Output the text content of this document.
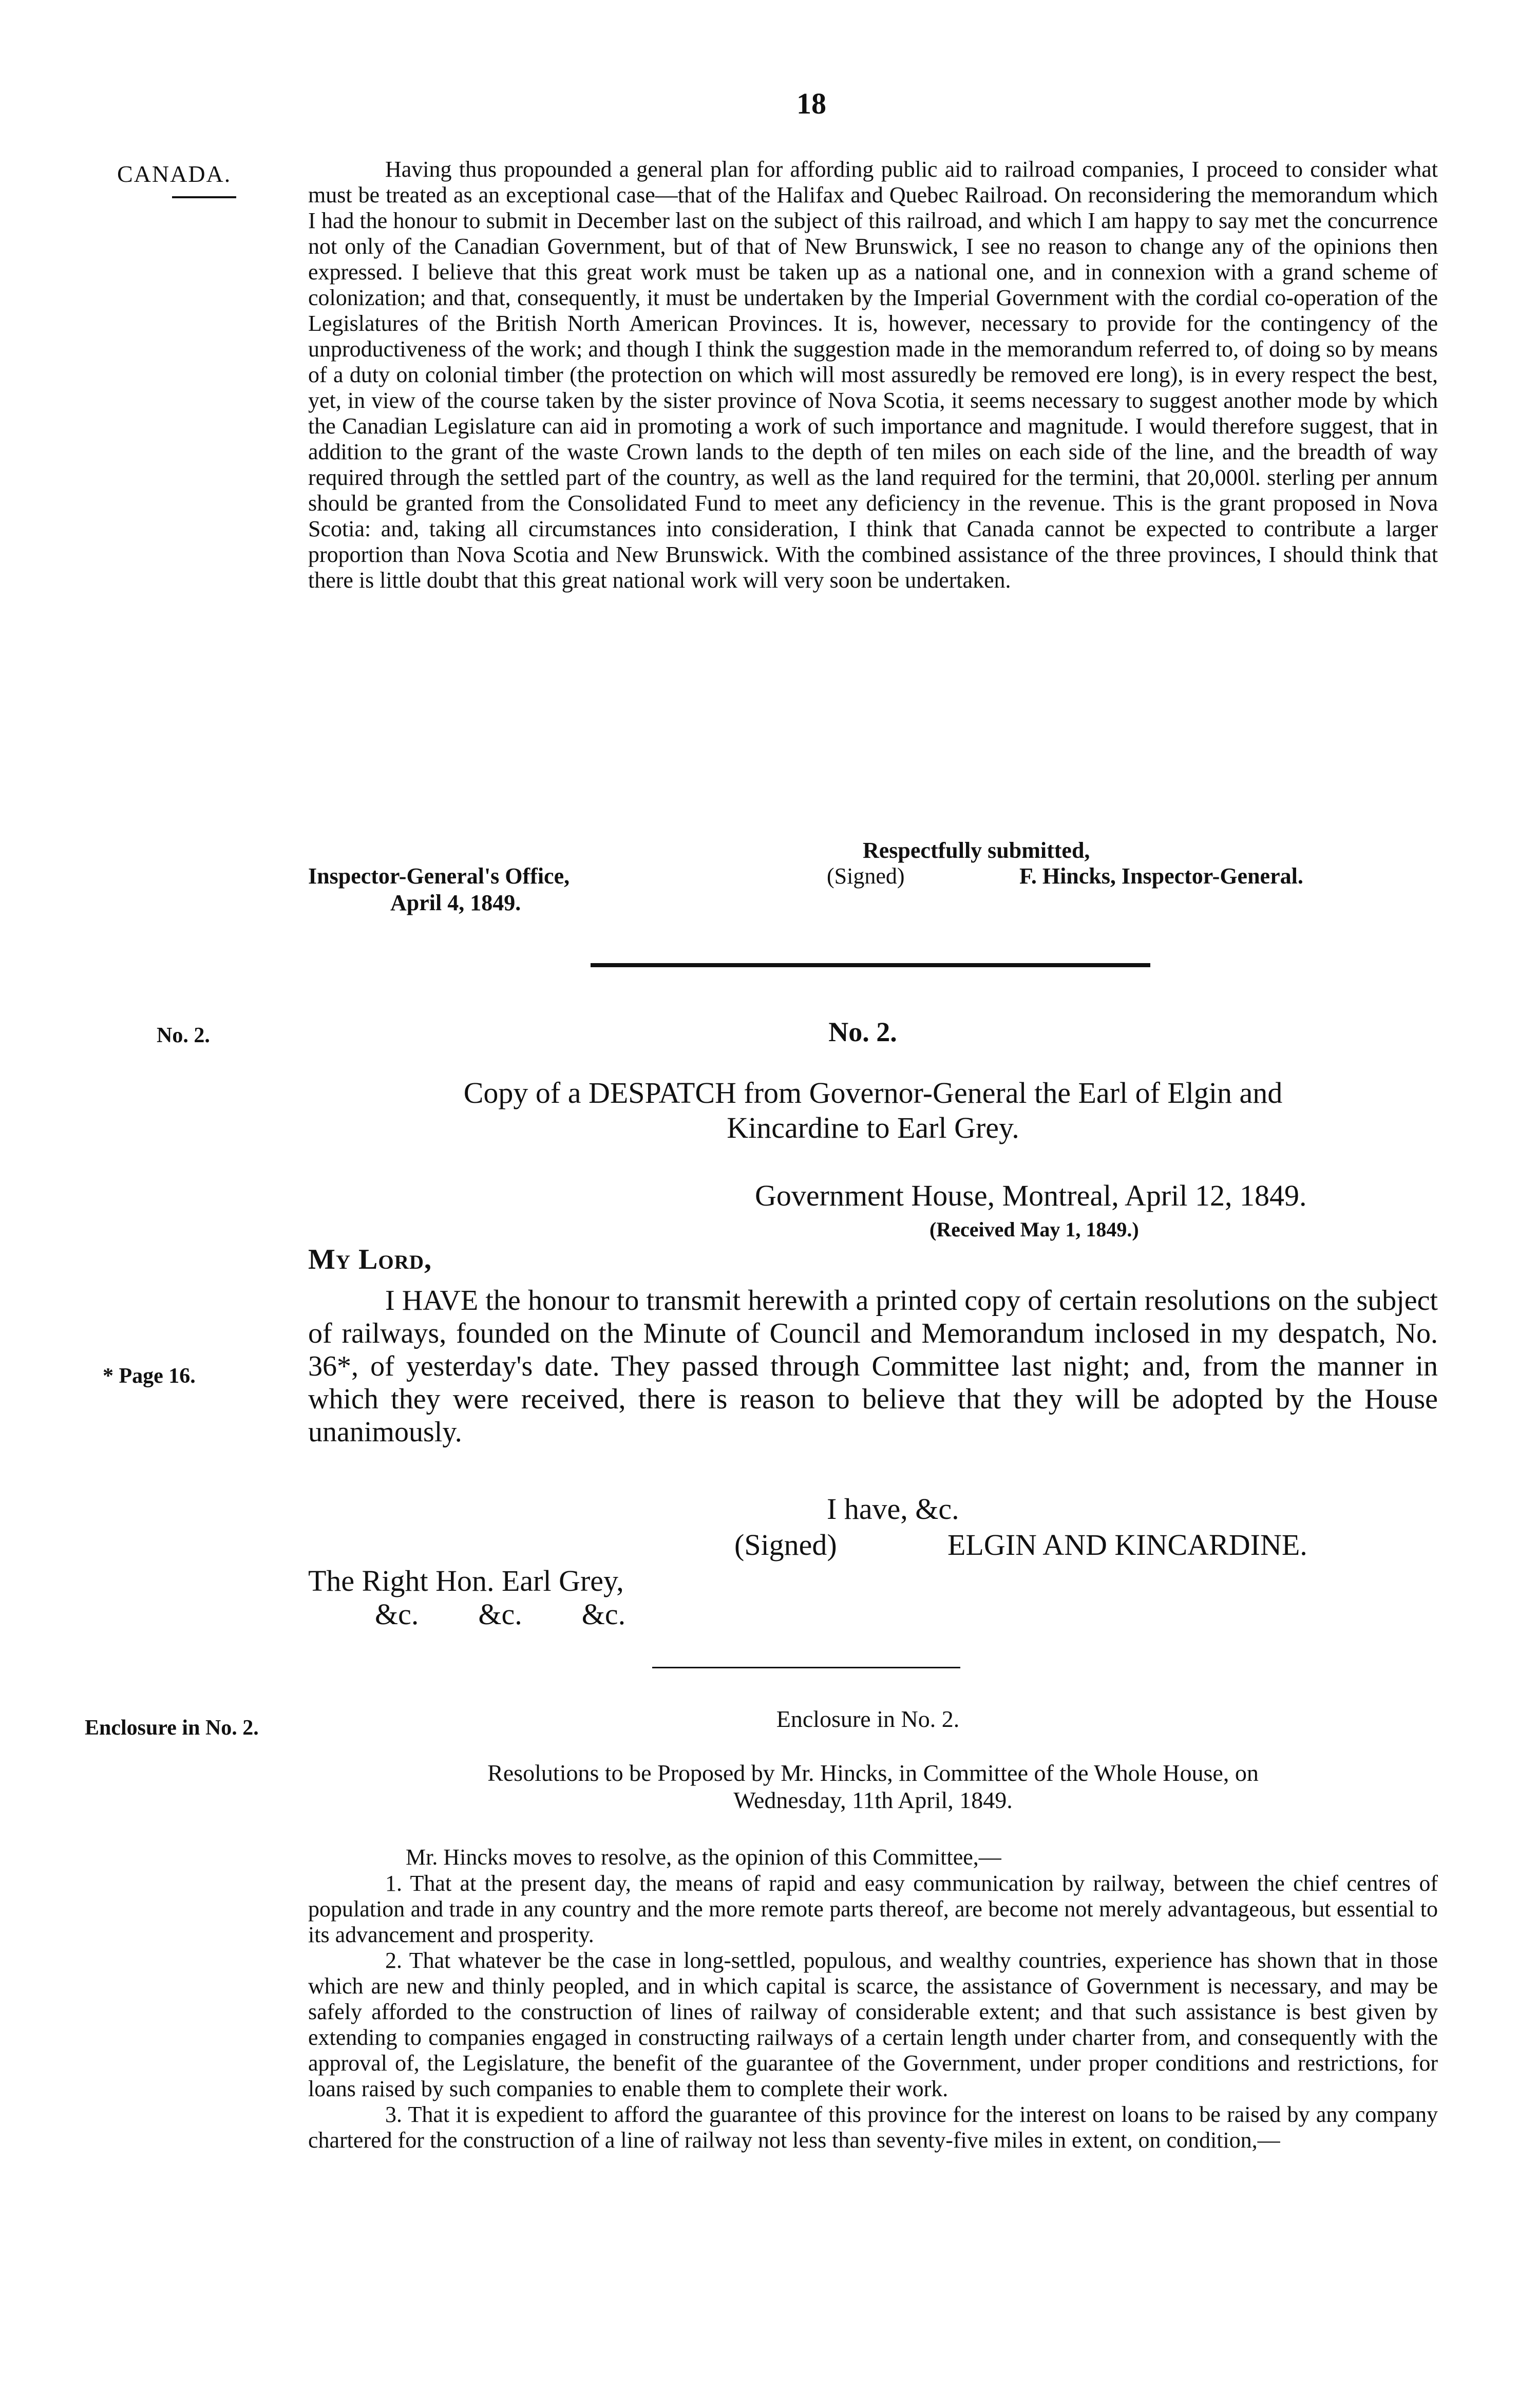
18
CANADA.	Having thus propounded a general plan for affording public aid to railroad companies, I proceed to consider what must be treated as an exceptional case—that of the Halifax and Quebec Railroad. On reconsidering the memorandum which I had the honour to submit in December last on the subject of this railroad, and which I am happy to say met the concurrence not only of the Canadian Government, but of that of New Brunswick, I see no reason to change any of the opinions then expressed. I believe that this great work must be taken up as a national one, and in connexion with a grand scheme of colonization; and that, consequently, it must be undertaken by the Imperial Government with the cordial co-operation of the Legislatures of the British North American Provinces. It is, however, necessary to provide for the contingency of the unproductiveness of the work; and though I think the suggestion made in the memorandum referred to, of doing so by means of a duty on colonial timber (the protection on which will most assuredly be removed ere long), is in every respect the best, yet, in view of the course taken by the sister province of Nova Scotia, it seems necessary to suggest another mode by which the Canadian Legislature can aid in promoting a work of such importance and magnitude. I would therefore suggest, that in addition to the grant of the waste Crown lands to the depth of ten miles on each side of the line, and the breadth of way required through the settled part of the country, as well as the land required for the termini, that 20,000l. sterling per annum should be granted from the Consolidated Fund to meet any deficiency in the revenue. This is the grant proposed in Nova Scotia: and, taking all circumstances into consideration, I think that Canada cannot be expected to contribute a larger proportion than Nova Scotia and New Brunswick. With the combined assistance of the three provinces, I should think that there is little doubt that this great national work will very soon be undertaken.

Respectfully submitted,
Inspector-General's Office,
April 4, 1849.
(Signed)	F. Hincks, Inspector-General.
No. 2.	No. 2.
Copy of a DESPATCH from Governor-General the Earl of Elgin and
Kincardine to Earl Grey.
Government House, Montreal, April 12, 1849.
(Received May 1, 1849.)
My Lord,
* Page 16.
I HAVE the honour to transmit herewith a printed copy of certain resolutions on the subject of railways, founded on the Minute of Council and Memorandum inclosed in my despatch, No. 36*, of yesterday's date. They passed through Committee last night; and, from the manner in which they were received, there is reason to believe that they will be adopted by the House unanimously.
I have, &c.
(Signed)	ELGIN AND KINCARDINE.
The Right Hon. Earl Grey,
&c.        &c.        &c.
Enclosure in No. 2.	Enclosure in No. 2.
Resolutions to be Proposed by Mr. Hincks, in Committee of the Whole House, on
Wednesday, 11th April, 1849.
Mr. Hincks moves to resolve, as the opinion of this Committee,—

1. That at the present day, the means of rapid and easy communication by railway, between the chief centres of population and trade in any country and the more remote parts thereof, are become not merely advantageous, but essential to its advancement and prosperity.

2. That whatever be the case in long-settled, populous, and wealthy countries, experience has shown that in those which are new and thinly peopled, and in which capital is scarce, the assistance of Government is necessary, and may be safely afforded to the construction of lines of railway of considerable extent; and that such assistance is best given by extending to companies engaged in constructing railways of a certain length under charter from, and consequently with the approval of, the Legislature, the benefit of the guarantee of the Government, under proper conditions and restrictions, for loans raised by such companies to enable them to complete their work.

3. That it is expedient to afford the guarantee of this province for the interest on loans to be raised by any company chartered for the construction of a line of railway not less than seventy-five miles in extent, on condition,—
